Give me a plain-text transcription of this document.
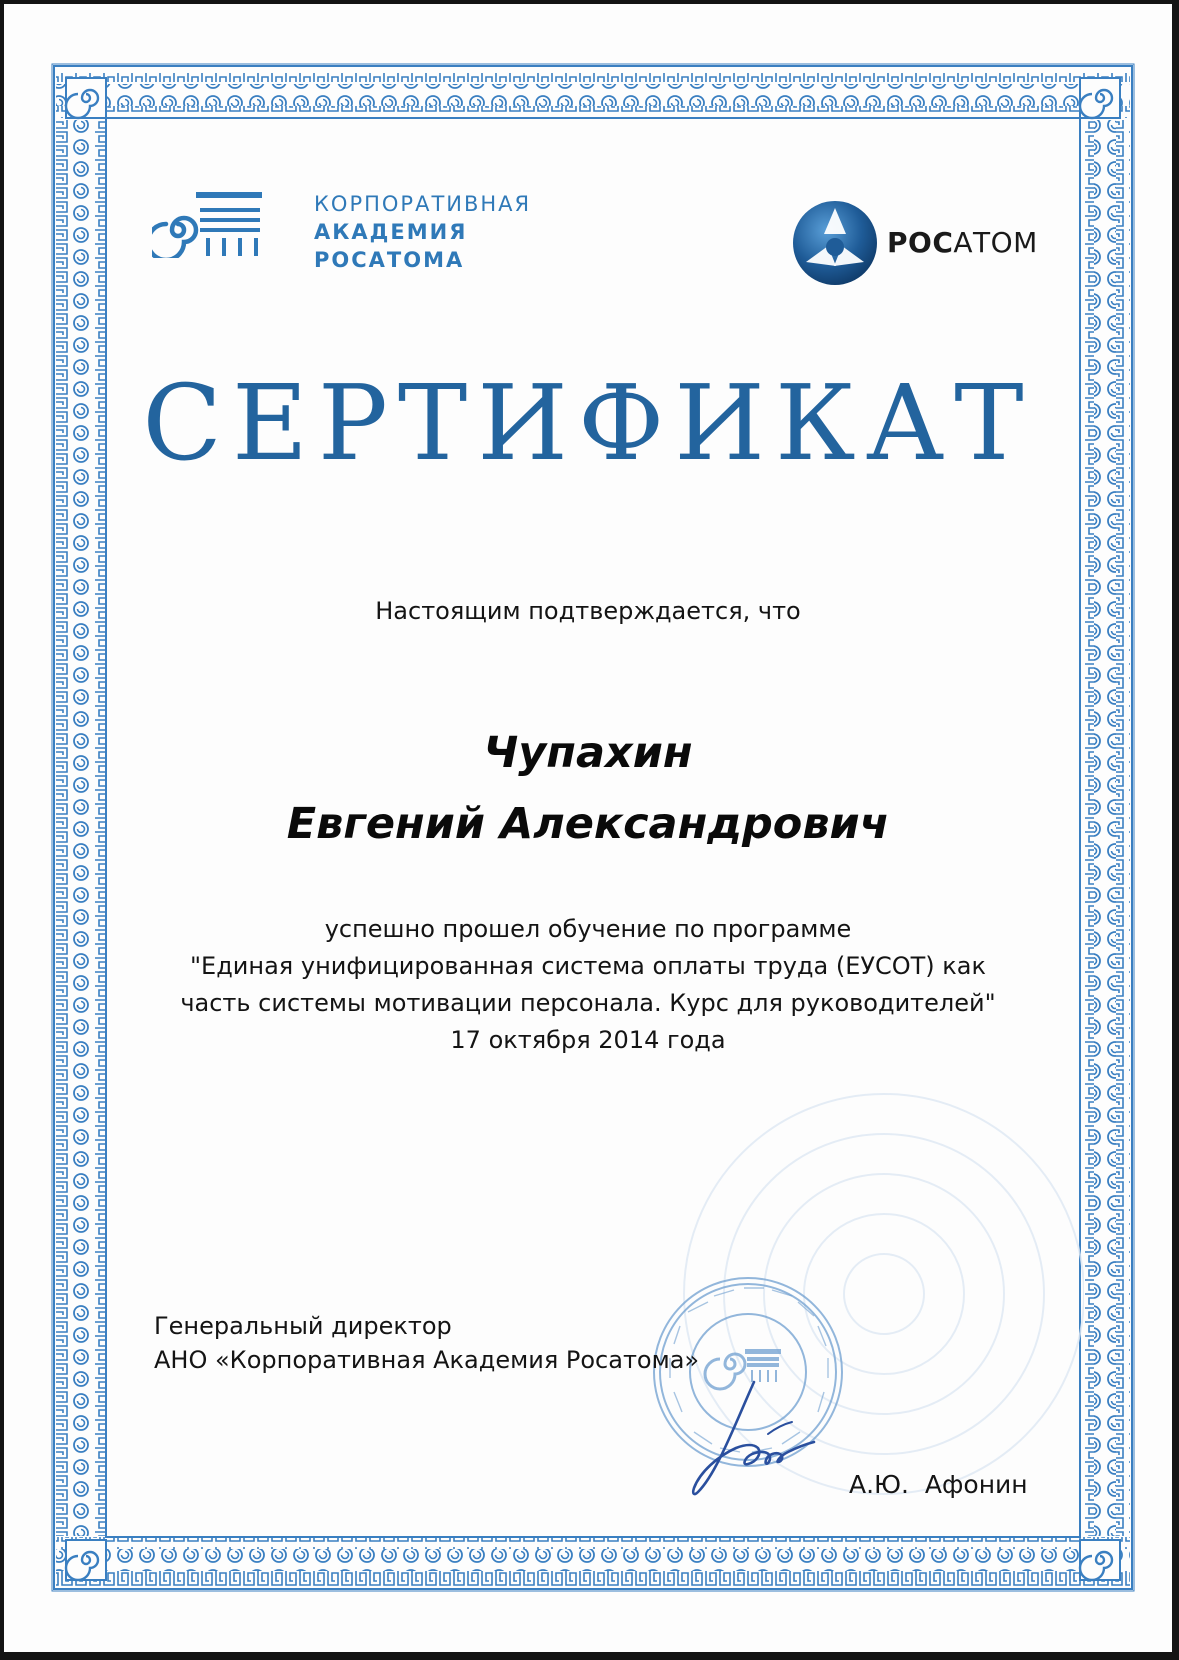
КОРПОРАТИВНАЯ
АКАДЕМИЯ
РОСАТОМА
РОСАТОМ
СЕРТИФИКАТ
Настоящим подтверждается, что
Чупахин
Евгений Александрович
успешно прошел обучение по программе
"Единая унифицированная система оплаты труда (ЕУСОТ) как
часть системы мотивации персонала. Курс для руководителей"
17 октября 2014 года
Генеральный директор
АНО «Корпоративная Академия Росатома»
А.Ю. Афонин
